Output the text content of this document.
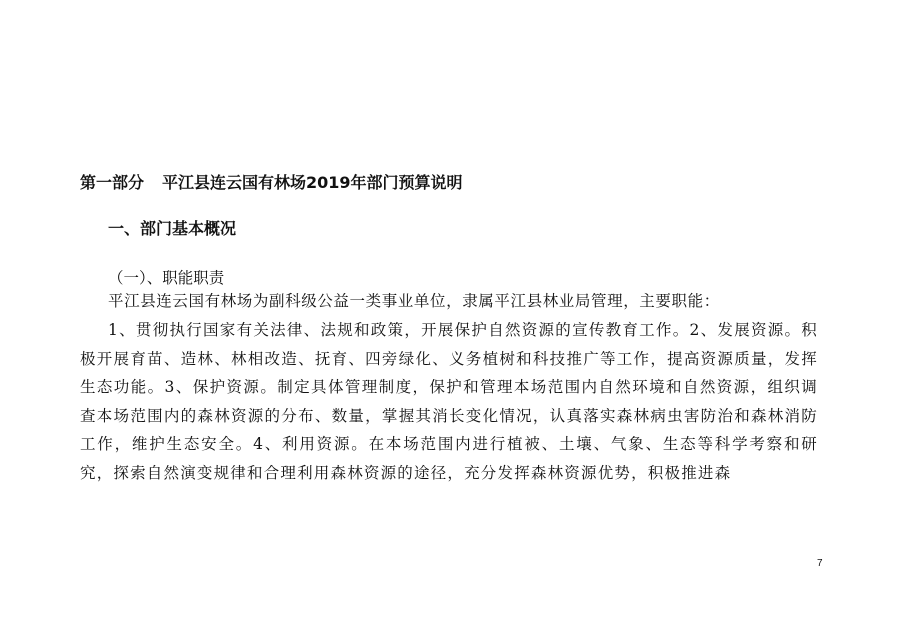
第一部分 平江县连云国有林场2019年部门预算说明
一、部门基本概况
（一）、职能职责

平江县连云国有林场为副科级公益一类事业单位，隶属平江县林业局管理，主要职能：

1、贯彻执行国家有关法律、法规和政策，开展保护自然资源的宣传教育工作。2、发展资源。积极开展育苗、造林、林相改造、抚育、四旁绿化、义务植树和科技推广等工作，提高资源质量，发挥生态功能。3、保护资源。制定具体管理制度，保护和管理本场范围内自然环境和自然资源，组织调查本场范围内的森林资源的分布、数量，掌握其消长变化情况，认真落实森林病虫害防治和森林消防工作，维护生态安全。4、利用资源。在本场范围内进行植被、土壤、气象、生态等科学考察和研究，探索自然演变规律和合理利用森林资源的途径，充分发挥森林资源优势，积极推进森

7
